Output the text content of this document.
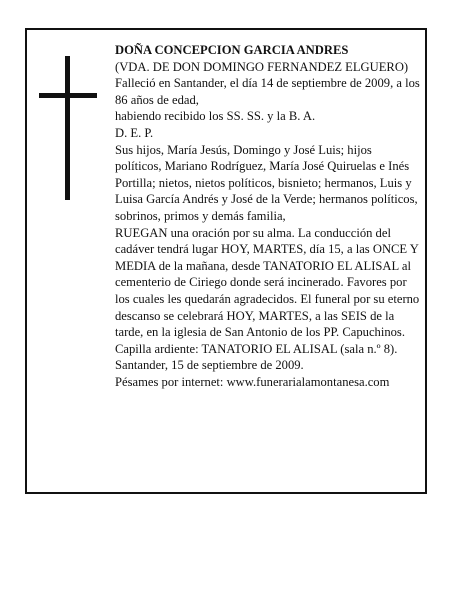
DOÑA CONCEPCION GARCIA ANDRES

(VDA. DE DON DOMINGO FERNANDEZ ELGUERO)

Falleció en Santander, el día 14 de septiembre de 2009, a los 86 años de edad,

habiendo recibido los SS. SS. y la B. A.

D. E. P.

Sus hijos, María Jesús, Domingo y José Luis; hijos políticos, Mariano Rodríguez, María José Quiruelas e Inés Portilla; nietos, nietos políticos, bisnieto; hermanos, Luis y Luisa García Andrés y José de la Verde; hermanos políticos, sobrinos, primos y demás familia,

RUEGAN una oración por su alma. La conducción del cadáver tendrá lugar HOY, MARTES, día 15, a las ONCE Y MEDIA de la mañana, desde TANATORIO EL ALISAL al cementerio de Ciriego donde será incinerado. Favores por los cuales les quedarán agradecidos. El funeral por su eterno descanso se celebrará HOY, MARTES, a las SEIS de la tarde, en la iglesia de San Antonio de los PP. Capuchinos. Capilla ardiente: TANATORIO EL ALISAL (sala n.º 8).

Santander, 15 de septiembre de 2009.

Pésames por internet: www.funerarialamontanesa.com
